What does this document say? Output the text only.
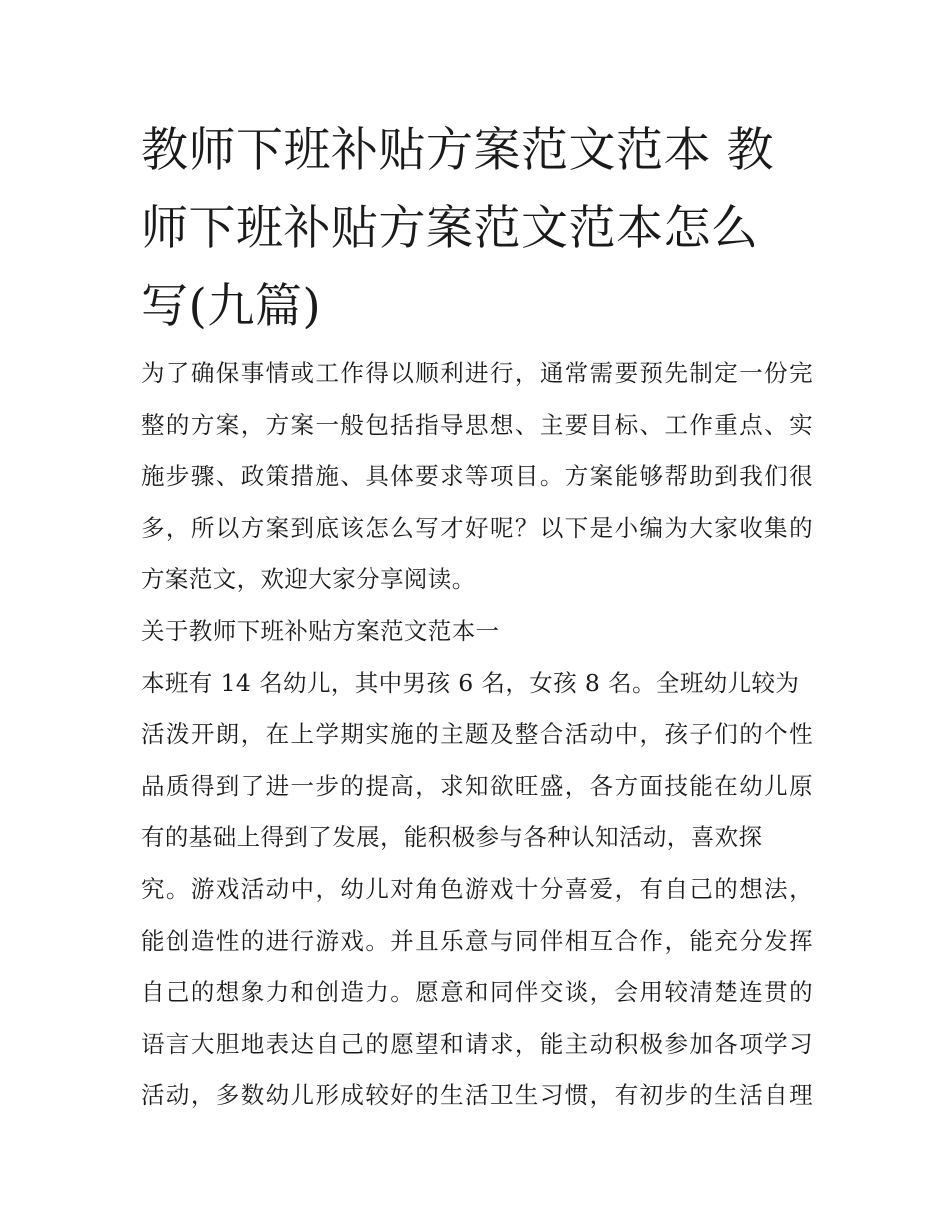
教师下班补贴方案范文范本 教
师下班补贴方案范文范本怎么
写(九篇)
为了确保事情或工作得以顺利进行，通常需要预先制定一份完
整的方案，方案一般包括指导思想、主要目标、工作重点、实
施步骤、政策措施、具体要求等项目。方案能够帮助到我们很
多，所以方案到底该怎么写才好呢？以下是小编为大家收集的
方案范文，欢迎大家分享阅读。
关于教师下班补贴方案范文范本一
本班有 14 名幼儿，其中男孩 6 名，女孩 8 名。全班幼儿较为
活泼开朗，在上学期实施的主题及整合活动中，孩子们的个性
品质得到了进一步的提高，求知欲旺盛，各方面技能在幼儿原
有的基础上得到了发展，能积极参与各种认知活动，喜欢探
究。游戏活动中，幼儿对角色游戏十分喜爱，有自己的想法，
能创造性的进行游戏。并且乐意与同伴相互合作，能充分发挥
自己的想象力和创造力。愿意和同伴交谈，会用较清楚连贯的
语言大胆地表达自己的愿望和请求，能主动积极参加各项学习
活动，多数幼儿形成较好的生活卫生习惯，有初步的生活自理
